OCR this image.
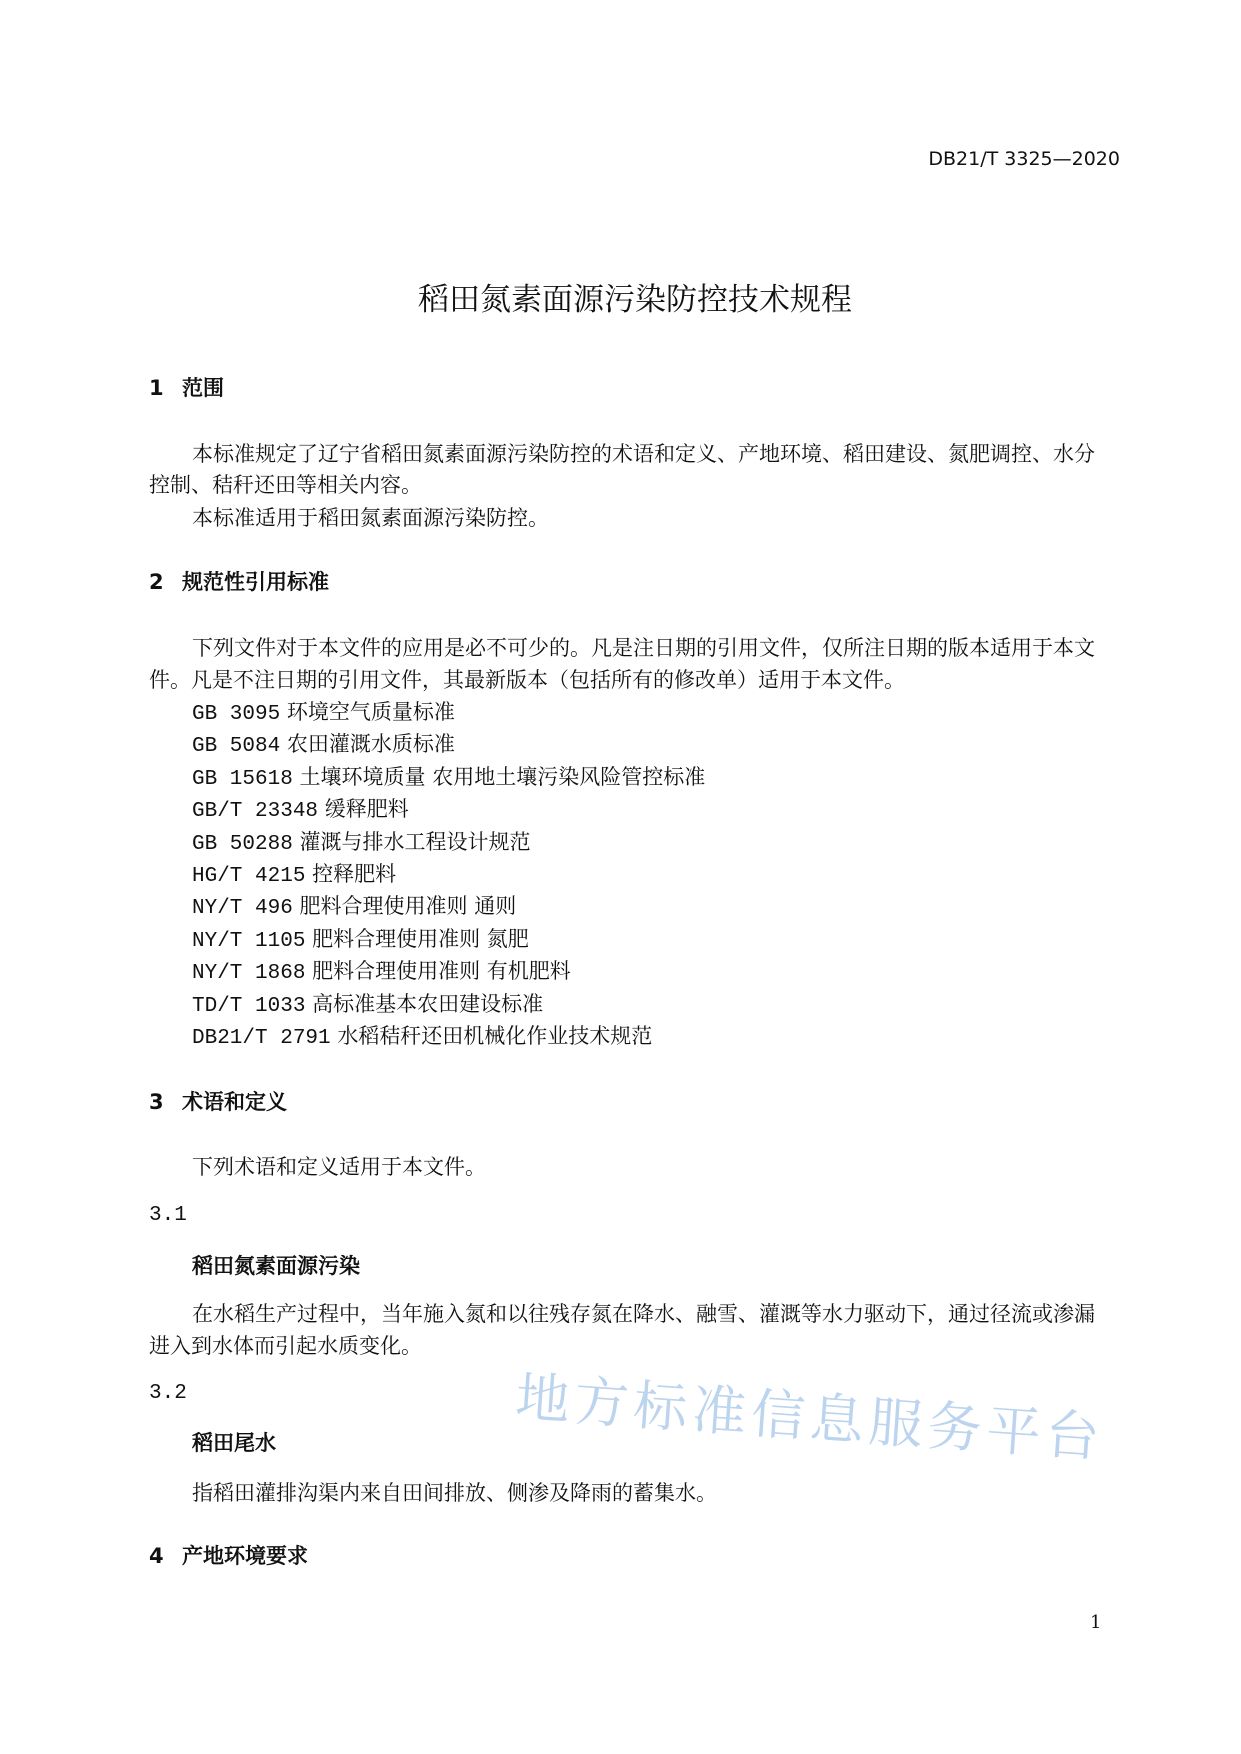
DB21/T 3325—2020
稻田氮素面源污染防控技术规程
1 范围
本标准规定了辽宁省稻田氮素面源污染防控的术语和定义、产地环境、稻田建设、氮肥调控、水分
控制、秸秆还田等相关内容。
本标准适用于稻田氮素面源污染防控。
2 规范性引用标准
下列文件对于本文件的应用是必不可少的。凡是注日期的引用文件，仅所注日期的版本适用于本文
件。凡是不注日期的引用文件，其最新版本（包括所有的修改单）适用于本文件。
GB 3095 环境空气质量标准
GB 5084 农田灌溉水质标准
GB 15618 土壤环境质量 农用地土壤污染风险管控标准
GB/T 23348 缓释肥料
GB 50288 灌溉与排水工程设计规范
HG/T 4215 控释肥料
NY/T 496 肥料合理使用准则 通则
NY/T 1105 肥料合理使用准则 氮肥
NY/T 1868 肥料合理使用准则 有机肥料
TD/T 1033 高标准基本农田建设标准
DB21/T 2791 水稻秸秆还田机械化作业技术规范
3 术语和定义
下列术语和定义适用于本文件。
3.1
稻田氮素面源污染
在水稻生产过程中，当年施入氮和以往残存氮在降水、融雪、灌溉等水力驱动下，通过径流或渗漏
进入到水体而引起水质变化。
3.2
稻田尾水
指稻田灌排沟渠内来自田间排放、侧渗及降雨的蓄集水。
4 产地环境要求
地方标准信息服务平台
1
